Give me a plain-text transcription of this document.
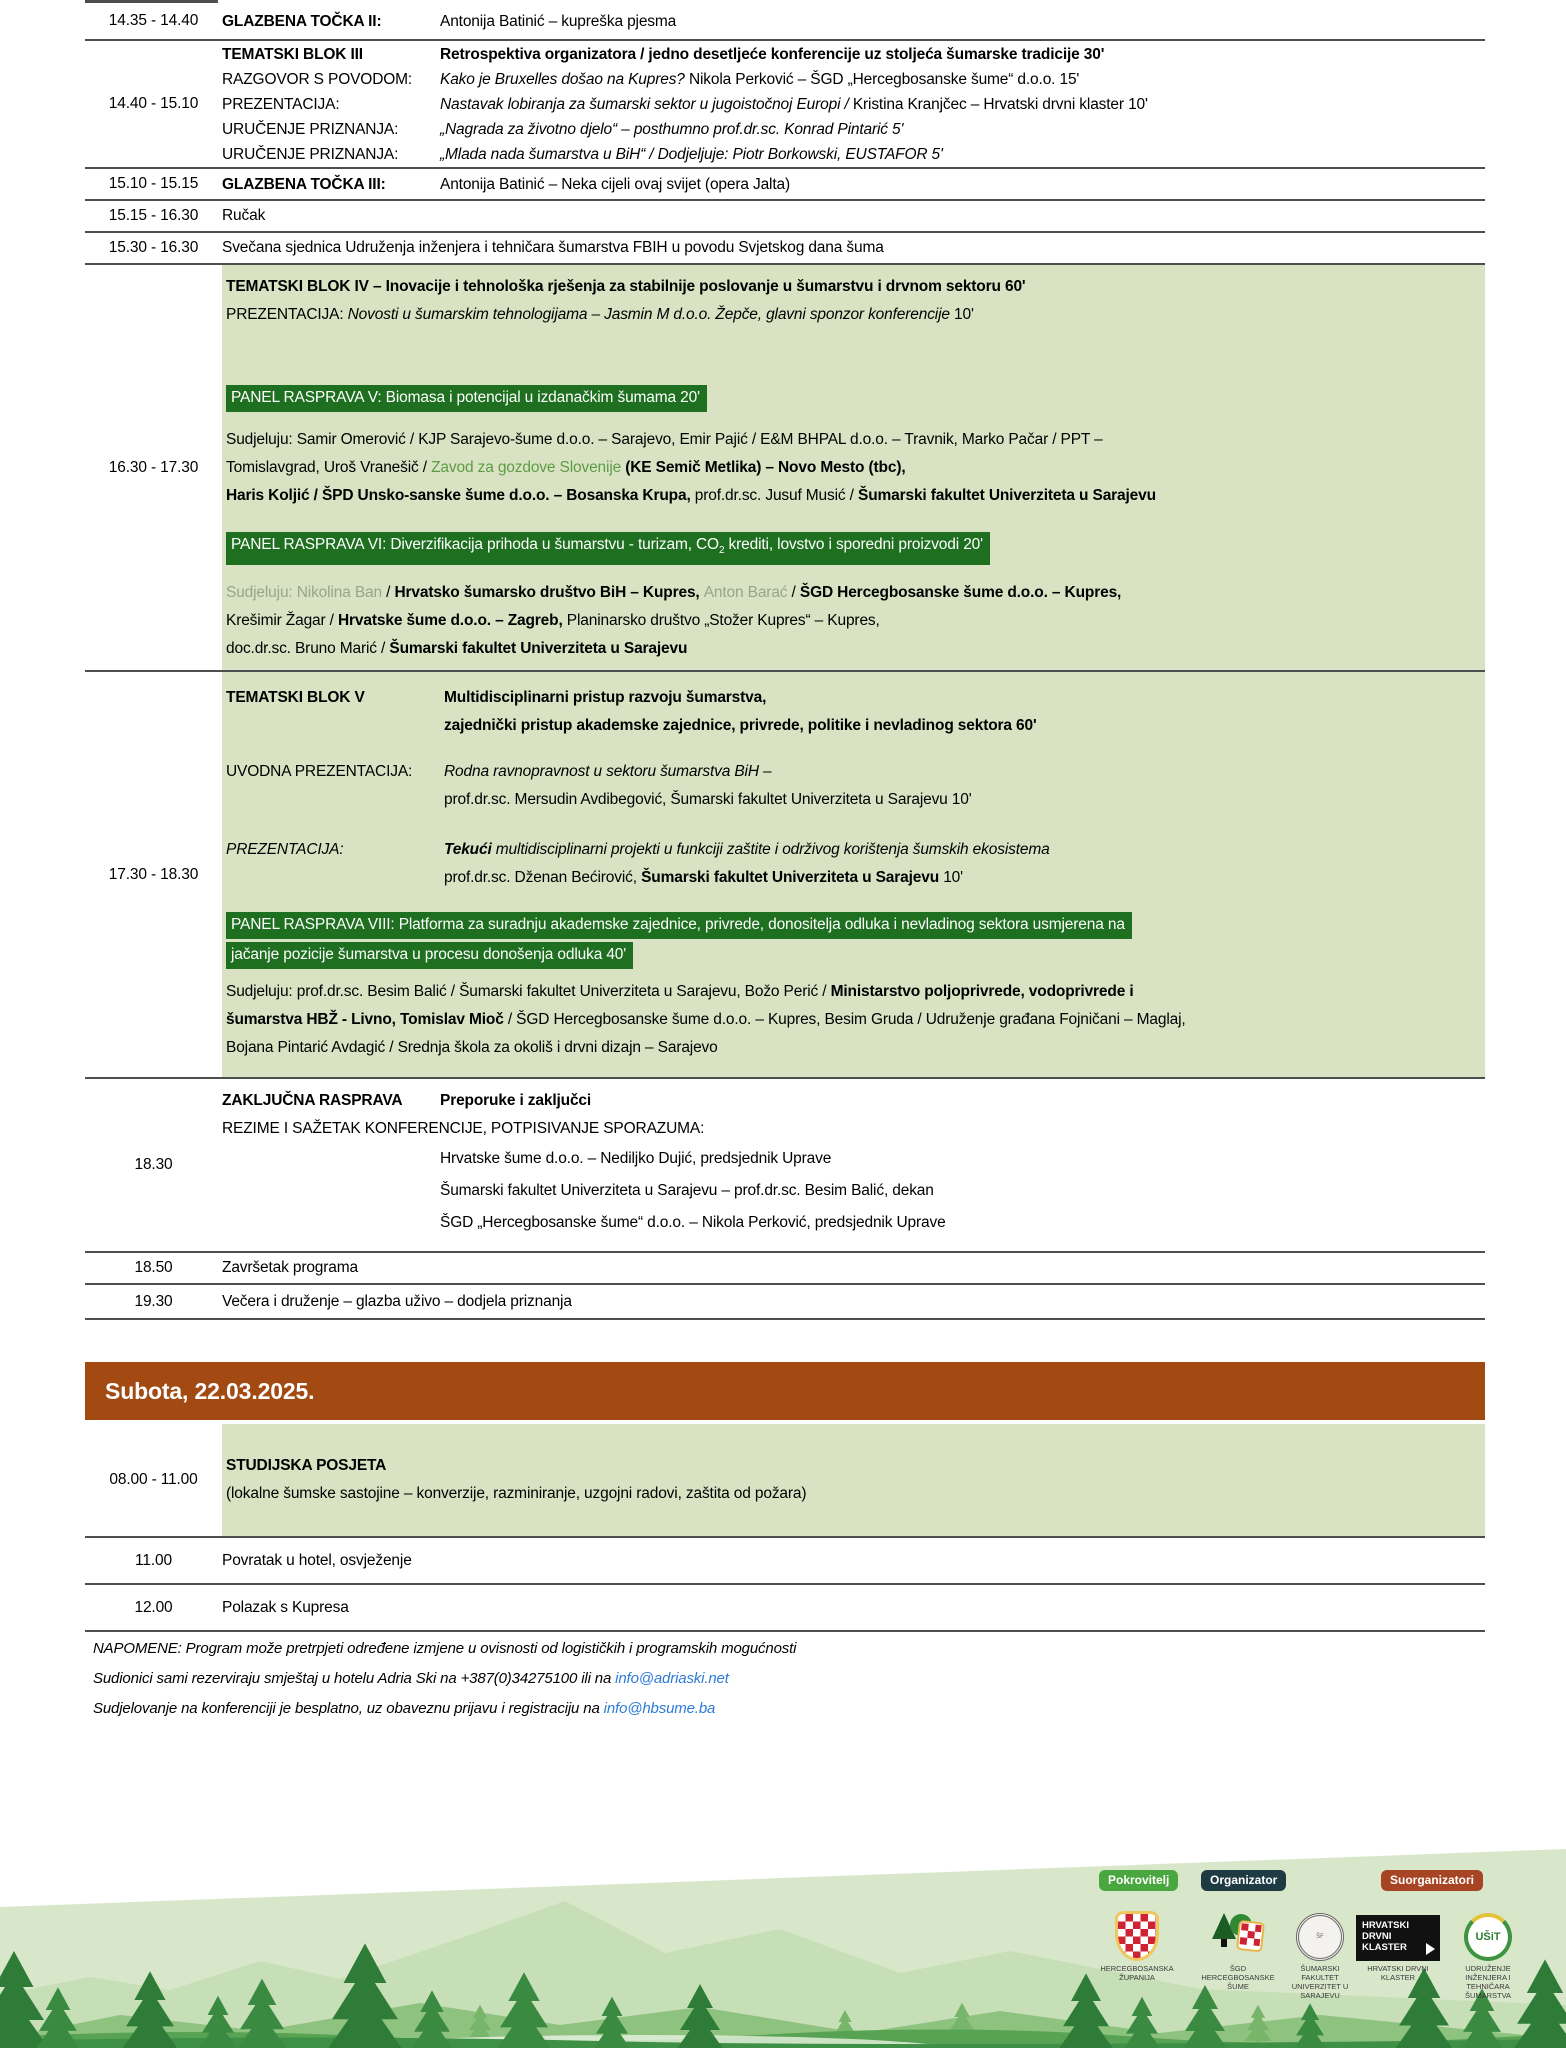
14.35 - 14.40 GLAZBENA TOČKA II:	Antonija Batinić – kupreška pjesma
14.40 - 15.10
TEMATSKI BLOK III	Retrospektiva organizatora / jedno desetljeće konferencije uz stoljeća šumarske tradicije 30'
RAZGOVOR S POVODOM:	Kako je Bruxelles došao na Kupres? Nikola Perković – ŠGD „Hercegbosanske šume“ d.o.o. 15'
PREZENTACIJA:	Nastavak lobiranja za šumarski sektor u jugoistočnoj Europi / Kristina Kranjčec – Hrvatski drvni klaster 10'
URUČENJE PRIZNANJA:	„Nagrada za životno djelo“ – posthumno prof.dr.sc. Konrad Pintarić 5'
URUČENJE PRIZNANJA:	„Mlada nada šumarstva u BiH“ / Dodjeljuje: Piotr Borkowski, EUSTAFOR 5'
15.10 - 15.15 GLAZBENA TOČKA III:	Antonija Batinić – Neka cijeli ovaj svijet (opera Jalta)
15.15 - 16.30 Ručak
15.30 - 16.30 Svečana sjednica Udruženja inženjera i tehničara šumarstva FBIH u povodu Svjetskog dana šuma
16.30 - 17.30
TEMATSKI BLOK IV – Inovacije i tehnološka rješenja za stabilnije poslovanje u šumarstvu i drvnom sektoru 60'
PREZENTACIJA: Novosti u šumarskim tehnologijama – Jasmin M d.o.o. Žepče, glavni sponzor konferencije 10'
PANEL RASPRAVA V: Biomasa i potencijal u izdanačkim šumama 20'
Sudjeluju: Samir Omerović / KJP Sarajevo-šume d.o.o. – Sarajevo, Emir Pajić / E&M BHPAL d.o.o. – Travnik, Marko Pačar / PPT –
Tomislavgrad, Uroš Vranešič / Zavod za gozdove Slovenije (KE Semič Metlika) – Novo Mesto (tbc),
Haris Koljić / ŠPD Unsko-sanske šume d.o.o. – Bosanska Krupa, prof.dr.sc. Jusuf Musić / Šumarski fakultet Univerziteta u Sarajevu
PANEL RASPRAVA VI: Diverzifikacija prihoda u šumarstvu - turizam, $CO_2$ krediti, lovstvo i sporedni proizvodi 20'
Sudjeluju: Nikolina Ban / Hrvatsko šumarsko društvo BiH – Kupres, Anton Barać / ŠGD Hercegbosanske šume d.o.o. – Kupres,
Krešimir Žagar / Hrvatske šume d.o.o. – Zagreb, Planinarsko društvo „Stožer Kupres“ – Kupres,
doc.dr.sc. Bruno Marić / Šumarski fakultet Univerziteta u Sarajevu
17.30 - 18.30
TEMATSKI BLOK V	Multidisciplinarni pristup razvoju šumarstva,
zajednički pristup akademske zajednice, privrede, politike i nevladinog sektora 60'
UVODNA PREZENTACIJA:	Rodna ravnopravnost u sektoru šumarstva BiH –
prof.dr.sc. Mersudin Avdibegović, Šumarski fakultet Univerziteta u Sarajevu 10'
PREZENTACIJA:	Tekući multidisciplinarni projekti u funkciji zaštite i održivog korištenja šumskih ekosistema
prof.dr.sc. Dženan Bećirović, Šumarski fakultet Univerziteta u Sarajevu 10'
PANEL RASPRAVA VIII: Platforma za suradnju akademske zajednice, privrede, donositelja odluka i nevladinog sektora usmjerena na
jačanje pozicije šumarstva u procesu donošenja odluka 40'
Sudjeluju: prof.dr.sc. Besim Balić / Šumarski fakultet Univerziteta u Sarajevu, Božo Perić / Ministarstvo poljoprivrede, vodoprivrede i
šumarstva HBŽ - Livno, Tomislav Mioč / ŠGD Hercegbosanske šume d.o.o. – Kupres, Besim Gruda / Udruženje građana Fojničani – Maglaj,
Bojana Pintarić Avdagić / Srednja škola za okoliš i drvni dizajn – Sarajevo
18.30
ZAKLJUČNA RASPRAVA	Preporuke i zaključci
REZIME I SAŽETAK KONFERENCIJE, POTPISIVANJE SPORAZUMA:
Hrvatske šume d.o.o. – Nediljko Dujić, predsjednik Uprave
Šumarski fakultet Univerziteta u Sarajevu – prof.dr.sc. Besim Balić, dekan
ŠGD „Hercegbosanske šume“ d.o.o. – Nikola Perković, predsjednik Uprave
18.50	Završetak programa
19.30	Večera i druženje – glazba uživo – dodjela priznanja
Subota, 22.03.2025.
08.00 - 11.00
STUDIJSKA POSJETA
(lokalne šumske sastojine – konverzije, razminiranje, uzgojni radovi, zaštita od požara)
11.00	Povratak u hotel, osvježenje
12.00	Polazak s Kupresa
NAPOMENE: Program može pretrpjeti određene izmjene u ovisnosti od logističkih i programskih mogućnosti
Sudionici sami rezerviraju smještaj u hotelu Adria Ski na +387(0)34275100 ili na info@adriaski.net
Sudjelovanje na konferenciji je besplatno, uz obaveznu prijavu i registraciju na info@hbsume.ba
Pokrovitelj	Organizator	Suorganizatori
HERCEGBOSANSKA
ŽUPANIJA
ŠGD
HERCEGBOSANSKE
ŠUME
ŠF
ŠUMARSKI
FAKULTET
UNIVERZITET U
SARAJEVU
HRVATSKI
DRVNI
KLASTER
HRVATSKI DRVNI
KLASTER
UŠiT
UDRUŽENJE
INŽENJERA I TEHNIČARA
ŠUMARSTVA
